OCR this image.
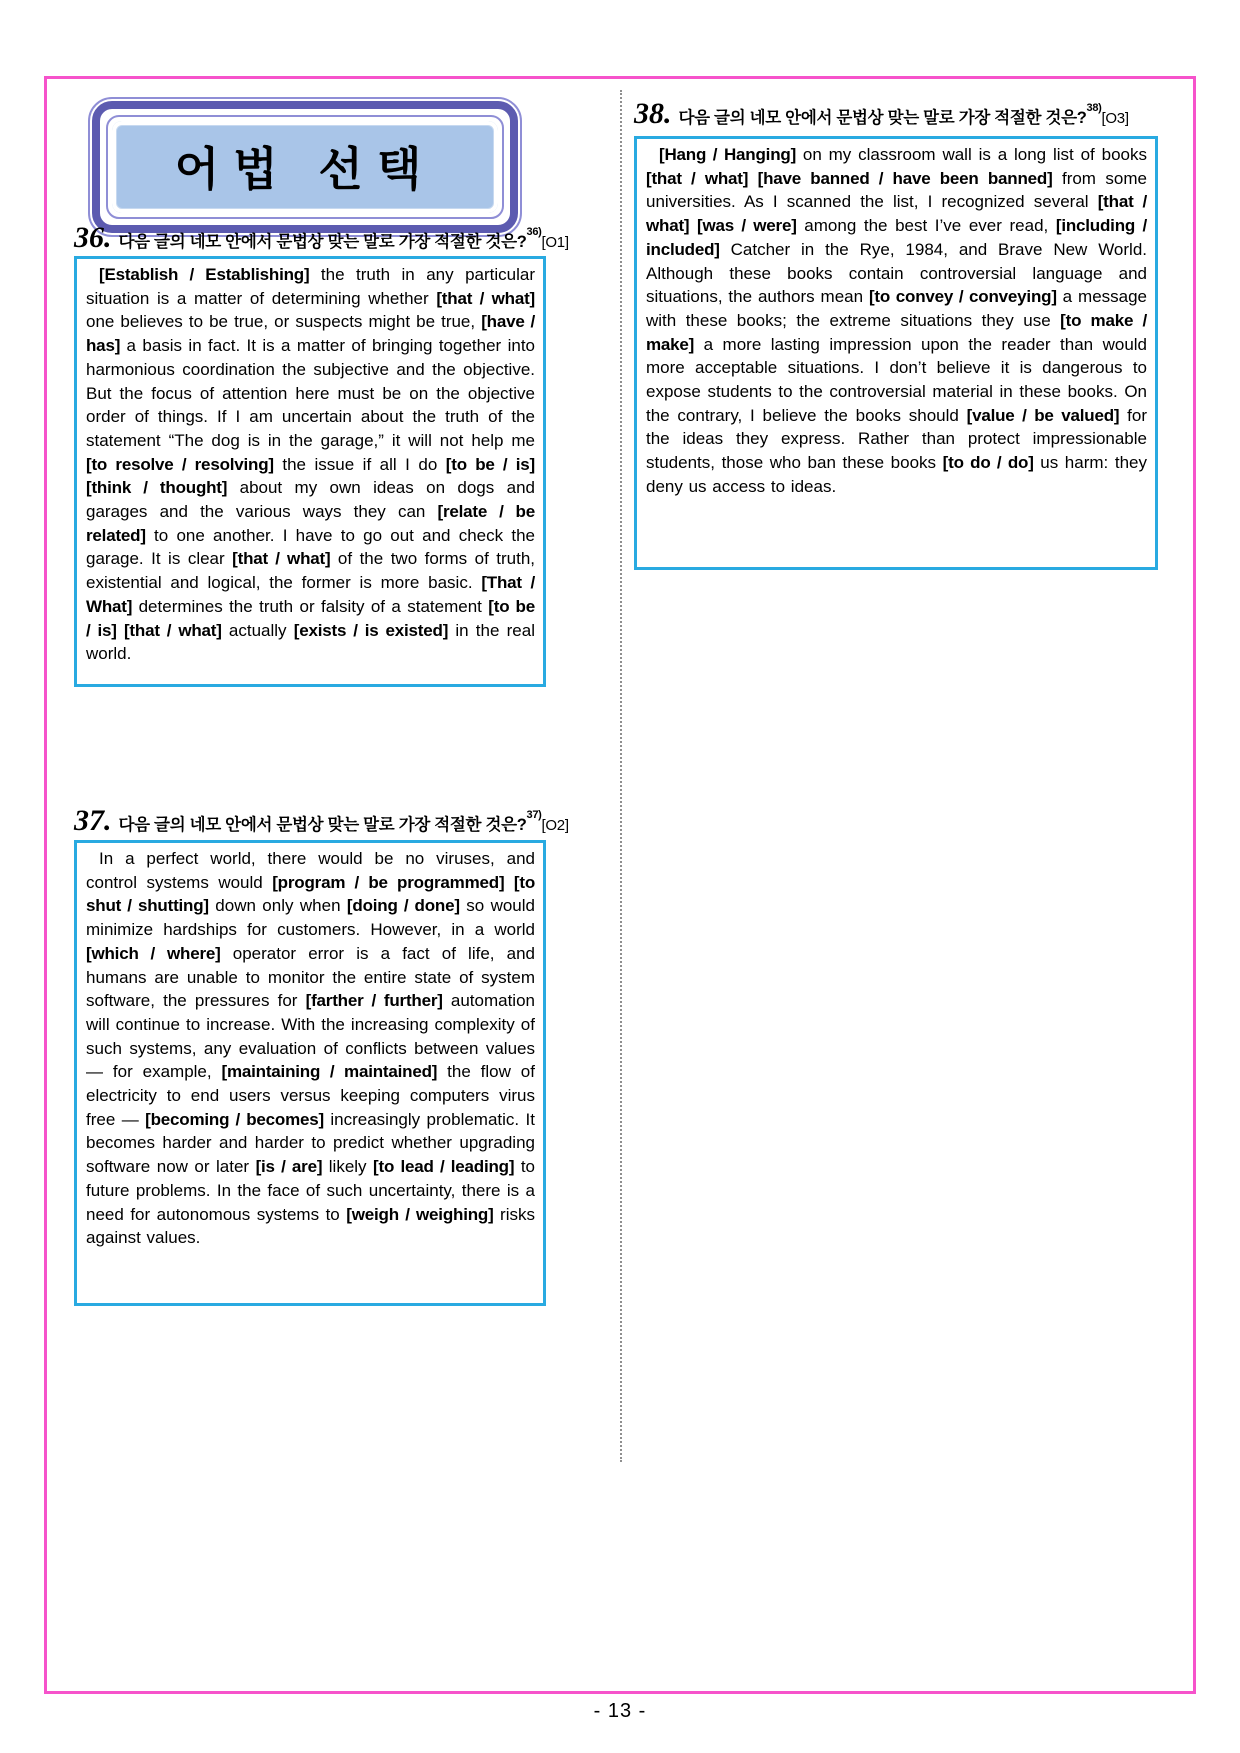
어법 선택
36. 다음 글의 네모 안에서 문법상 맞는 말로 가장 적절한 것은?$^{36)}$[O1]
[Establish / Establishing] the truth in any particular situation is a matter of determining whether [that / what] one believes to be true, or suspects might be true, [have / has] a basis in fact. It is a matter of bringing together into harmonious coordination the subjective and the objective. But the focus of attention here must be on the objective order of things. If I am uncertain about the truth of the statement “The dog is in the garage,” it will not help me [to resolve / resolving] the issue if all I do [to be / is] [think / thought] about my own ideas on dogs and garages and the various ways they can [relate / be related] to one another. I have to go out and check the garage. It is clear [that / what] of the two forms of truth, existential and logical, the former is more basic. [That / What] determines the truth or falsity of a statement [to be / is] [that / what] actually [exists / is existed] in the real world.
37. 다음 글의 네모 안에서 문법상 맞는 말로 가장 적절한 것은?$^{37)}$[O2]
In a perfect world, there would be no viruses, and control systems would [program / be programmed] [to shut / shutting] down only when [doing / done] so would minimize hardships for customers. However, in a world [which / where] operator error is a fact of life, and humans are unable to monitor the entire state of system software, the pressures for [farther / further] automation will continue to increase. With the increasing complexity of such systems, any evaluation of conflicts between values — for example, [maintaining / maintained] the flow of electricity to end users versus keeping computers virus free — [becoming / becomes] increasingly problematic. It becomes harder and harder to predict whether upgrading software now or later [is / are] likely [to lead / leading] to future problems. In the face of such uncertainty, there is a need for autonomous systems to [weigh / weighing] risks against values.
38. 다음 글의 네모 안에서 문법상 맞는 말로 가장 적절한 것은?$^{38)}$[O3]
[Hang / Hanging] on my classroom wall is a long list of books [that / what] [have banned / have been banned] from some universities. As I scanned the list, I recognized several [that / what] [was / were] among the best I’ve ever read, [including / included] Catcher in the Rye, 1984, and Brave New World. Although these books contain controversial language and situations, the authors mean [to convey / conveying] a message with these books; the extreme situations they use [to make / make] a more lasting impression upon the reader than would more acceptable situations. I don’t believe it is dangerous to expose students to the controversial material in these books. On the contrary, I believe the books should [value / be valued] for the ideas they express. Rather than protect impressionable students, those who ban these books [to do / do] us harm: they deny us access to ideas.
- 13 -
